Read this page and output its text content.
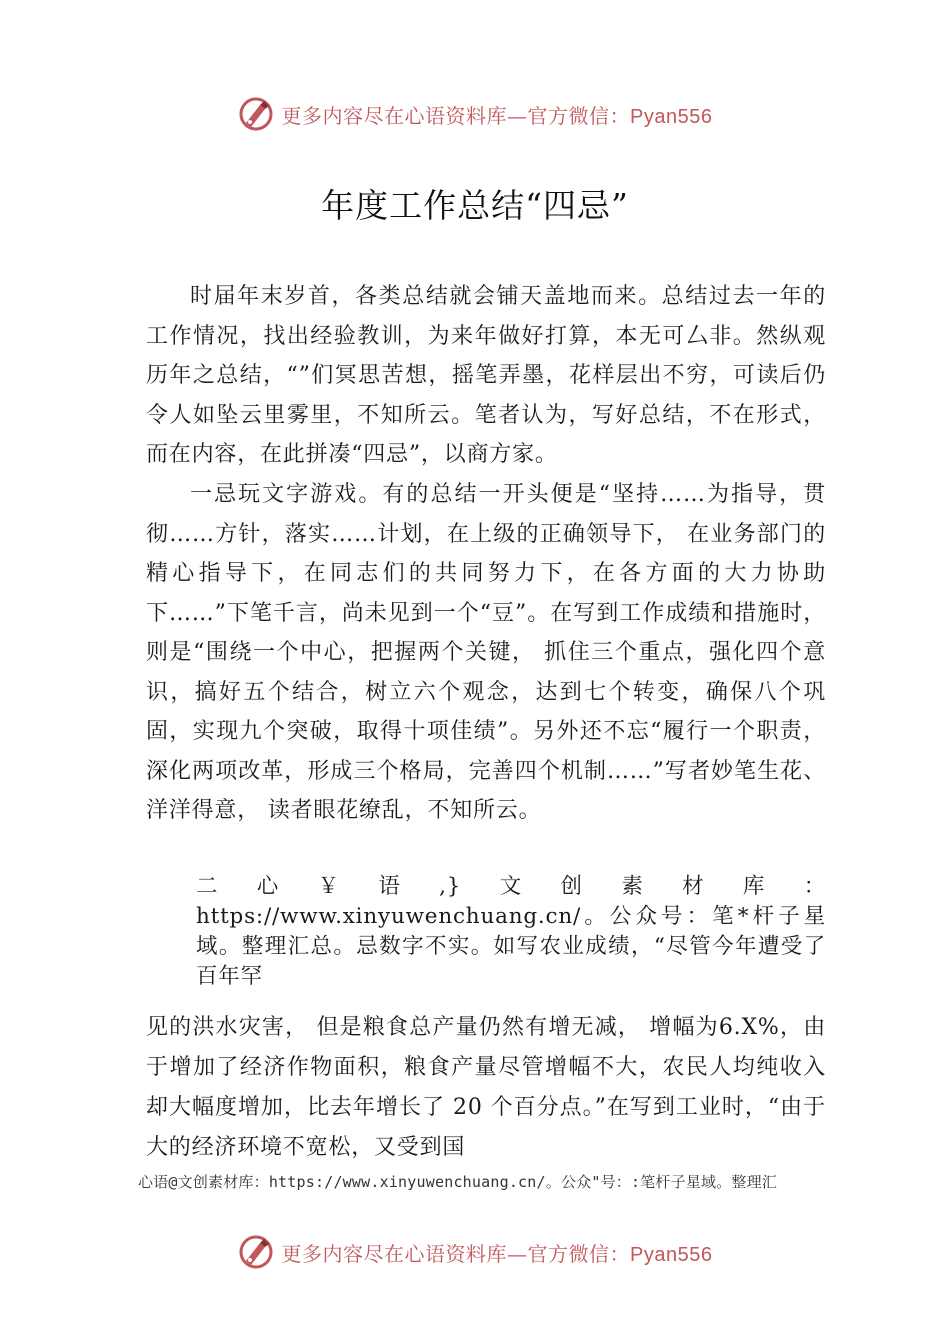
更多内容尽在心语资料库—官方微信：Pyan556
年度工作总结“四忌”

时届年末岁首，各类总结就会铺天盖地而来。总结过去一年的工作情况，找出经验教训，为来年做好打算，本无可厶非。然纵观历年之总结，“”们冥思苦想，摇笔弄墨，花样层出不穷，可读后仍令人如坠云里雾里，不知所云。笔者认为，写好总结，不在形式，而在内容，在此拼凑“四忌”，以商方家。

一忌玩文字游戏。有的总结一开头便是“坚持……为指导，贯彻……方针，落实……计划，在上级的正确领导下， 在业务部门的精心指导下，在同志们的共同努力下，在各方面的大力协助下……”下笔千言，尚未见到一个“豆”。在写到工作成绩和措施时，则是“围绕一个中心，把握两个关键， 抓住三个重点，强化四个意识，搞好五个结合，树立六个观念，达到七个转变，确保八个巩固，实现九个突破，取得十项佳绩”。另外还不忘“履行一个职责，深化两项改革，形成三个格局，完善四个机制……”写者妙笔生花、洋洋得意， 读者眼花缭乱，不知所云。

二心￥语,}文创素材库：https://www.xinyuwenchuang.cn/。公众号：笔*杆子星域。整理汇总。忌数字不实。如写农业成绩，“尽管今年遭受了百年罕

见的洪水灾害， 但是粮食总产量仍然有增无减， 增幅为6.X%，由于增加了经济作物面积，粮食产量尽管增幅不大，农民人均纯收入却大幅度增加，比去年增长了 20 个百分点。”在写到工业时，“由于大的经济环境不宽松，又受到国

心语@文创素材库：https://www.xinyuwenchuang.cn/。公众"号：:笔杆子星域。整理汇
更多内容尽在心语资料库—官方微信：Pyan556
